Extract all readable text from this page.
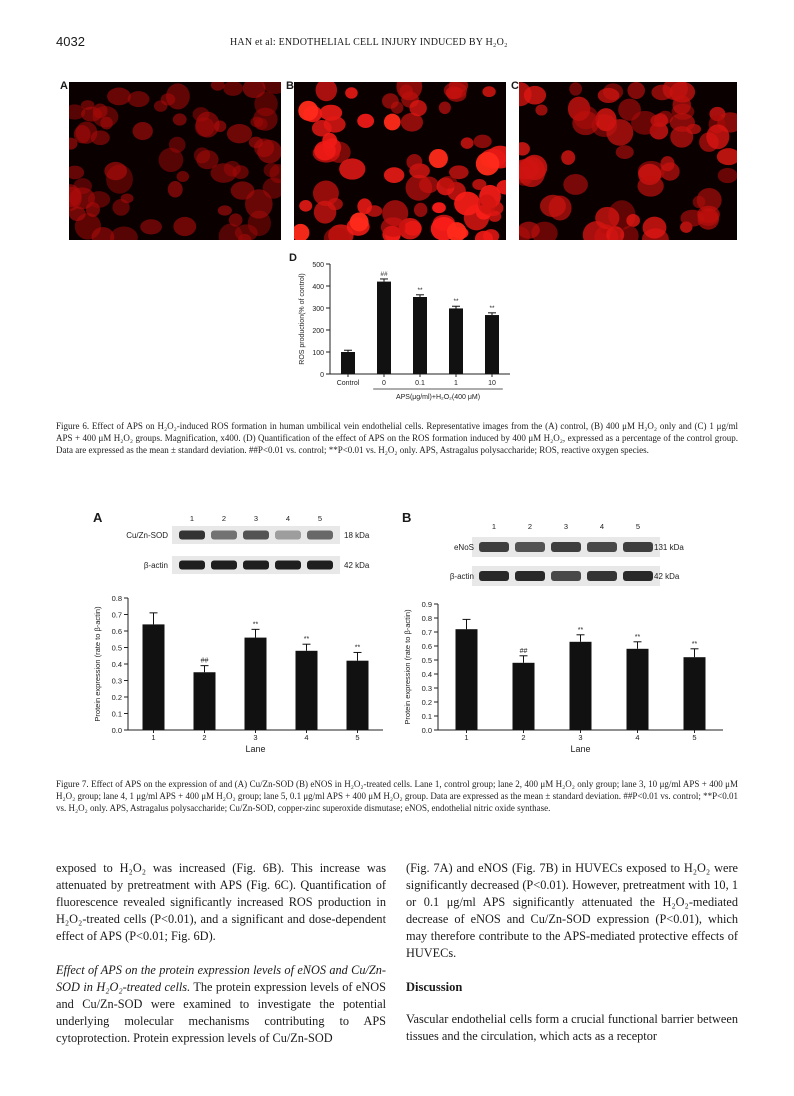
4032	HAN et al: ENDOTHELIAL CELL INJURY INDUCED BY H₂O₂
A	B	C
D
0
100
200
300
400
500
Control
##
0
**
0.1
**
1
**
10
ROS production(% of control)
APS(μg/ml)+H₂O₂(400 μM)
Figure 6. Effect of APS on H₂O₂-induced ROS formation in human umbilical vein endothelial cells. Representative images from the (A) control, (B) 400 μM H₂O₂ only and (C) 1 μg/ml APS + 400 μM H₂O₂ groups. Magnification, x400. (D) Quantification of the effect of APS on the ROS formation induced by 400 μM H₂O₂, expressed as a percentage of the control group. Data are expressed as the mean ± standard deviation. ##P<0.01 vs. control; **P<0.01 vs. H₂O₂ only. APS, Astragalus polysaccharide; ROS, reactive oxygen species.
A	B
1	2	3	4	5
Cu/Zn-SOD	18 kDa
β-actin	42 kDa
1	2	3	4	5
eNoS	131 kDa
β-actin	42 kDa
0.0
0.1
0.2
0.3
0.4
0.5
0.6
0.7
0.8
1
##
2
**
3
**
4
**
5
Protein expression (rate to β-actin)
Lane
0.0
0.1
0.2
0.3
0.4
0.5
0.6
0.7
0.8
0.9
1
##
2
**
3
**
4
**
5
Protein expression (rate to β-actin)
Lane
Figure 7. Effect of APS on the expression of and (A) Cu/Zn-SOD (B) eNOS in H₂O₂-treated cells. Lane 1, control group; lane 2, 400 μM H₂O₂ only group; lane 3, 10 μg/ml APS + 400 μM H₂O₂ group; lane 4, 1 μg/ml APS + 400 μM H₂O₂ group; lane 5, 0.1 μg/ml APS + 400 μM H₂O₂ group. Data are expressed as the mean ± standard deviation. ##P<0.01 vs. control; **P<0.01 vs. H₂O₂ only. APS, Astragalus polysaccharide; Cu/Zn-SOD, copper-zinc superoxide dismutase; eNOS, endothelial nitric oxide synthase.

exposed to H₂O₂ was increased (Fig. 6B). This increase was attenuated by pretreatment with APS (Fig. 6C). Quantification of fluorescence revealed significantly increased ROS production in H₂O₂-treated cells (P<0.01), and a significant and dose-dependent effect of APS (P<0.01; Fig. 6D).

Effect of APS on the protein expression levels of eNOS and Cu/Zn-SOD in H₂O₂-treated cells. The protein expression levels of eNOS and Cu/Zn-SOD were examined to investigate the potential underlying molecular mechanisms contributing to APS cytoprotection. Protein expression levels of Cu/Zn-SOD

(Fig. 7A) and eNOS (Fig. 7B) in HUVECs exposed to H₂O₂ were significantly decreased (P<0.01). However, pretreatment with 10, 1 or 0.1 μg/ml APS significantly attenuated the H₂O₂-mediated decrease of eNOS and Cu/Zn-SOD expression (P<0.01), which may therefore contribute to the APS-mediated protective effects of HUVECs.

Discussion

Vascular endothelial cells form a crucial functional barrier between tissues and the circulation, which acts as a receptor
